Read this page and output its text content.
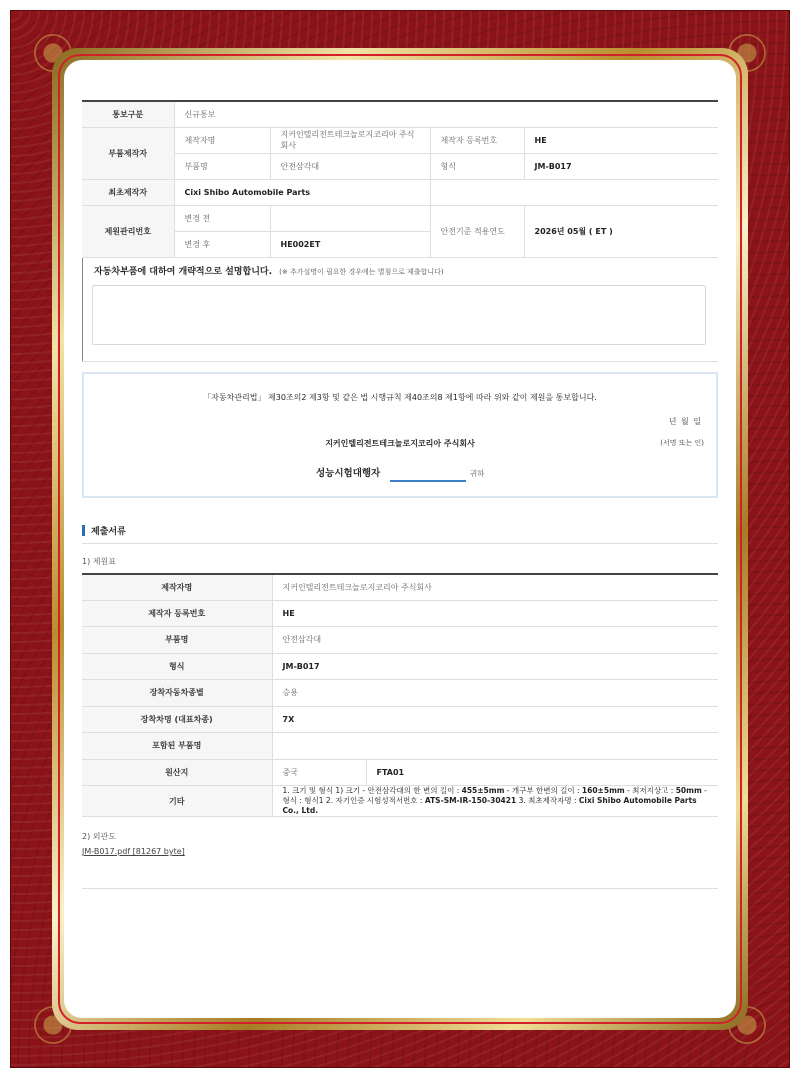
통보구분	신규통보			
부품제작자	제작자명	지커인텔리전트테크놀로지코리아 주식회사	제작자 등록번호	HE
	부품명	안전삼각대	형식	JM-B017
최초제작자	Cixi Shibo Automobile Parts			
제원관리번호	변경 전		안전기준 적용연도	2026년 05월 ( ET )
	변경 후	HE002ET		
자동차부품에 대하여 개략적으로 설명합니다. (※ 추가설명이 필요한 경우에는 별첨으로 제출합니다)
「자동차관리법」 제30조의2 제3항 및 같은 법 시행규칙 제40조의8 제1항에 따라 위와 같이 제원을 통보합니다.
년 월 일
지커인텔리전트테크놀로지코리아 주식회사	(서명 또는 인)
성능시험대행자	귀하
제출서류
1) 제원표
제작자명	지커인텔리전트테크놀로지코리아 주식회사	
제작자 등록번호	HE	
부품명	안전삼각대	
형식	JM-B017	
장착자동차종별	승용	
장착차명 (대표차종)	7X	
포함된 부품명		
원산지	중국	FTA01
기타	1. 크기 및 형식 1) 크기 - 안전삼각대의 한 변의 길이 : 455±5mm - 개구부 한변의 길이 : 160±5mm - 최저지상고 : 50mm - 형식 : 형식1 2. 자기인증 시험성적서번호 : ATS-SM-IR-150-30421 3. 최초제작자명 : Cixi Shibo Automobile Parts Co., Ltd.	
2) 외관도
JM-B017.pdf [81267 byte]
